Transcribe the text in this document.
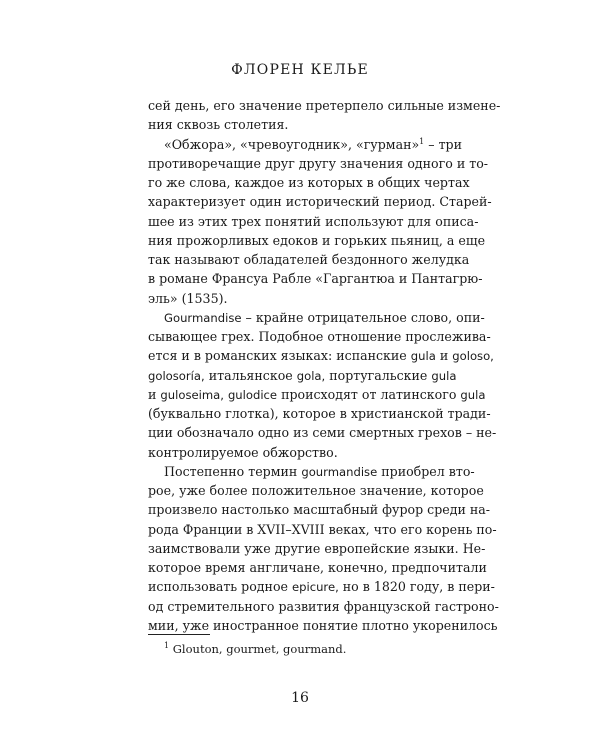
ФЛОРЕН КЕЛЬЕ

сей день, его значение претерпело сильные измене-

ния сквозь столетия.

«Обжора», «чревоугодник», «гурман»$^1$ – три

противоречащие друг другу значения одного и то-

го же слова, каждое из которых в общих чертах

характеризует один исторический период. Старей-

шее из этих трех понятий используют для описа-

ния прожорливых едоков и горьких пьяниц, а еще

так называют обладателей бездонного желудка

в романе Франсуа Рабле «Гаргантюа и Пантагрю-

эль» (1535).

Gourmandise – крайне отрицательное слово, опи-

сывающее грех. Подобное отношение прослежива-

ется и в романских языках: испанские gula и goloso,

golosoría, итальянское gola, португальские gula

и guloseima, gulodice происходят от латинского gula

(буквально глотка), которое в христианской тради-

ции обозначало одно из семи смертных грехов – не-

контролируемое обжорство.

Постепенно термин gourmandise приобрел вто-

рое, уже более положительное значение, которое

произвело настолько масштабный фурор среди на-

рода Франции в XVII–XVIII веках, что его корень по-

заимствовали уже другие европейские языки. Не-

которое время англичане, конечно, предпочитали

использовать родное epicure, но в 1820 году, в пери-

од стремительного развития французской гастроно-

мии, уже иностранное понятие плотно укоренилось

$^1$ Glouton, gourmet, gourmand.
16
